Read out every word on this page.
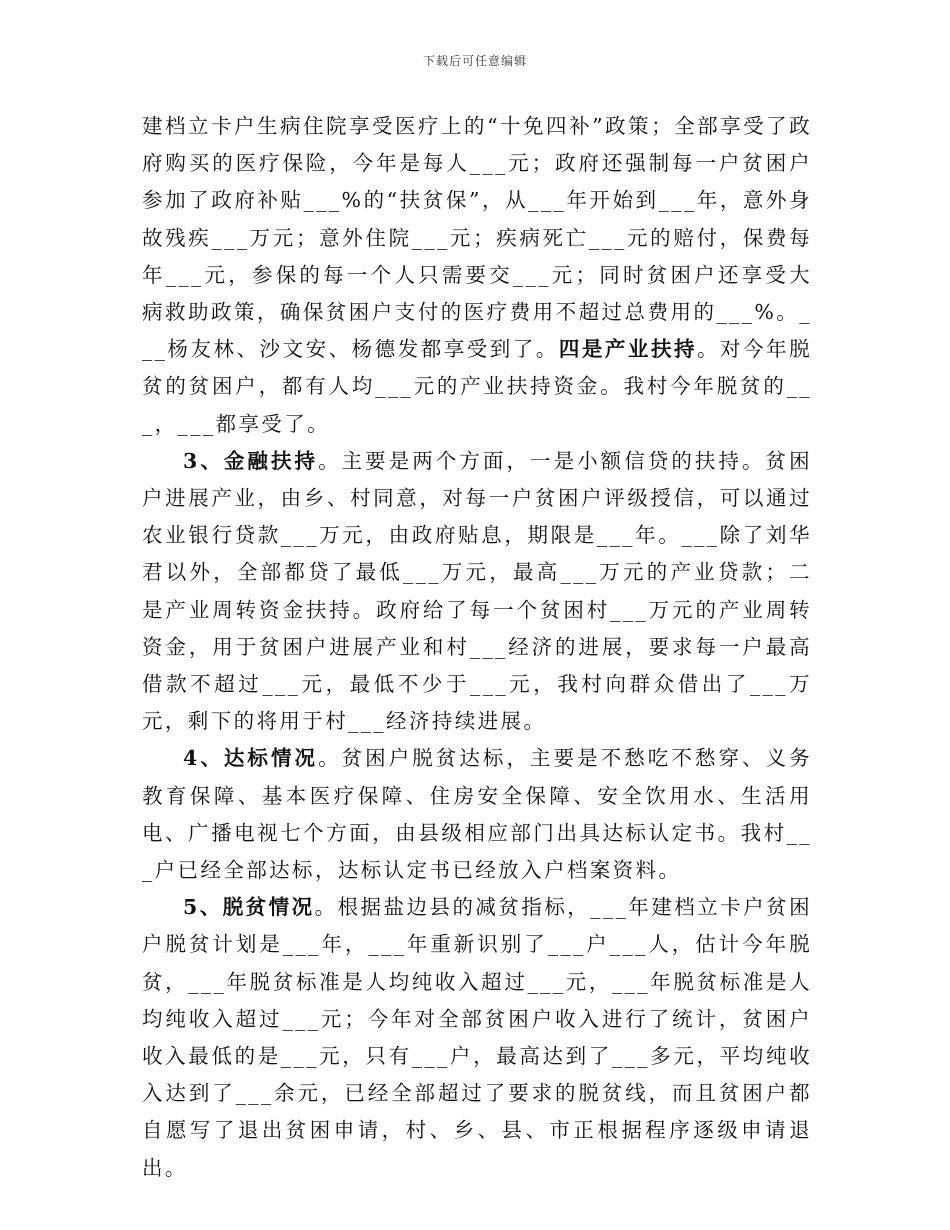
下载后可任意编辑

建档立卡户生病住院享受医疗上的“十免四补”政策；全部享受了政府购买的医疗保险，今年是每人___元；政府还强制每一户贫困户参加了政府补贴___%的“扶贫保”，从___年开始到___年，意外身故残疾___万元；意外住院___元；疾病死亡___元的赔付，保费每年___元，参保的每一个人只需要交___元；同时贫困户还享受大病救助政策，确保贫困户支付的医疗费用不超过总费用的___%。___杨友林、沙文安、杨德发都享受到了。四是产业扶持。对今年脱贫的贫困户，都有人均___元的产业扶持资金。我村今年脱贫的___，___都享受了。

3、金融扶持。主要是两个方面，一是小额信贷的扶持。贫困户进展产业，由乡、村同意，对每一户贫困户评级授信，可以通过农业银行贷款___万元，由政府贴息，期限是___年。___除了刘华君以外，全部都贷了最低___万元，最高___万元的产业贷款；二是产业周转资金扶持。政府给了每一个贫困村___万元的产业周转资金，用于贫困户进展产业和村___经济的进展，要求每一户最高借款不超过___元，最低不少于___元，我村向群众借出了___万元，剩下的将用于村___经济持续进展。

4、达标情况。贫困户脱贫达标，主要是不愁吃不愁穿、义务教育保障、基本医疗保障、住房安全保障、安全饮用水、生活用电、广播电视七个方面，由县级相应部门出具达标认定书。我村___户已经全部达标，达标认定书已经放入户档案资料。

5、脱贫情况。根据盐边县的减贫指标，___年建档立卡户贫困户脱贫计划是___年，___年重新识别了___户___人，估计今年脱贫，___年脱贫标准是人均纯收入超过___元，___年脱贫标准是人均纯收入超过___元；今年对全部贫困户收入进行了统计，贫困户收入最低的是___元，只有___户，最高达到了___多元，平均纯收入达到了___余元，已经全部超过了要求的脱贫线，而且贫困户都自愿写了退出贫困申请，村、乡、县、市正根据程序逐级申请退出。
